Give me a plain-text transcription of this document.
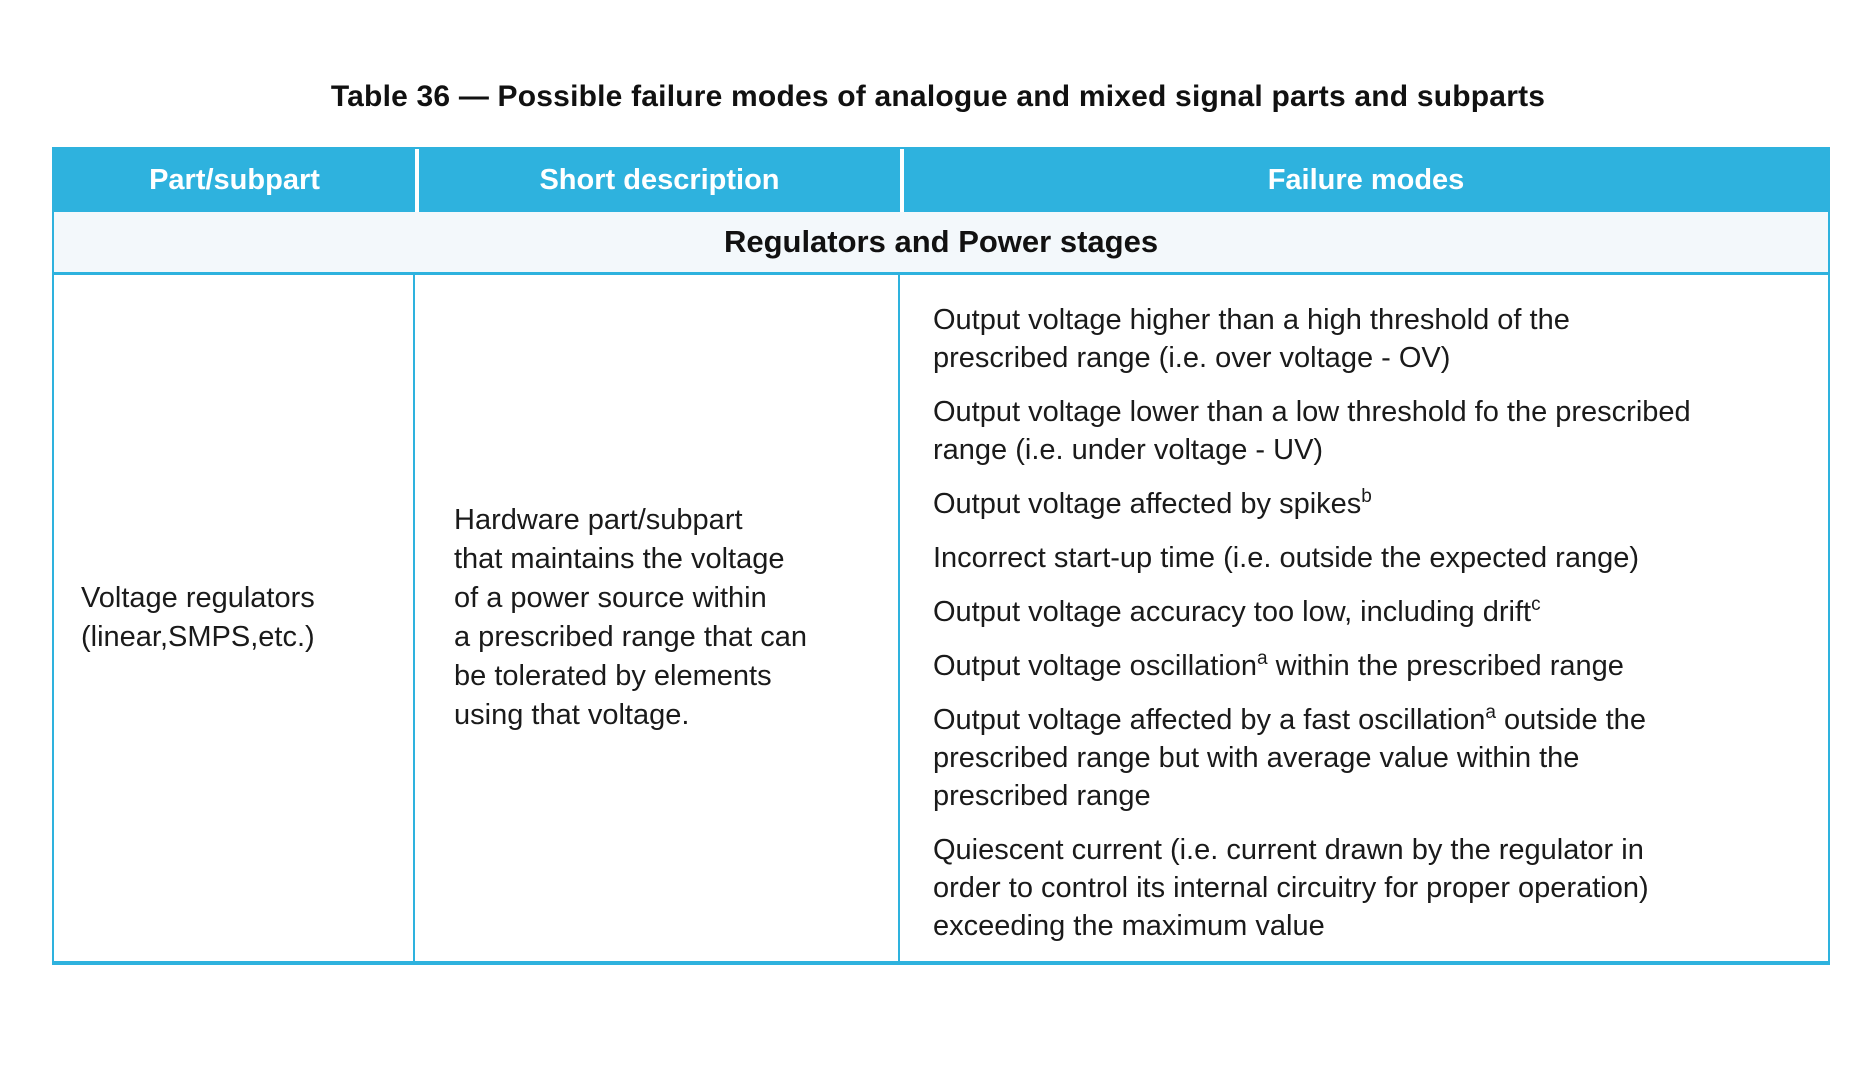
Table 36 — Possible failure modes of analogue and mixed signal parts and subparts
Part/subpart	Short description	Failure modes
Regulators and Power stages
Voltage regulators
(linear,SMPS,etc.)
Hardware part/subpart
that maintains the voltage
of a power source within
a prescribed range that can
be tolerated by elements
using that voltage.
Output voltage higher than a high threshold of the
prescribed range (i.e. over voltage - OV)
Output voltage lower than a low threshold fo the prescribed
range (i.e. under voltage - UV)
Output voltage affected by spikes$^b$
Incorrect start-up time (i.e. outside the expected range)
Output voltage accuracy too low, including drift$^c$
Output voltage oscillation$^a$ within the prescribed range
Output voltage affected by a fast oscillation$^a$ outside the
prescribed range but with average value within the
prescribed range
Quiescent current (i.e. current drawn by the regulator in
order to control its internal circuitry for proper operation)
exceeding the maximum value
